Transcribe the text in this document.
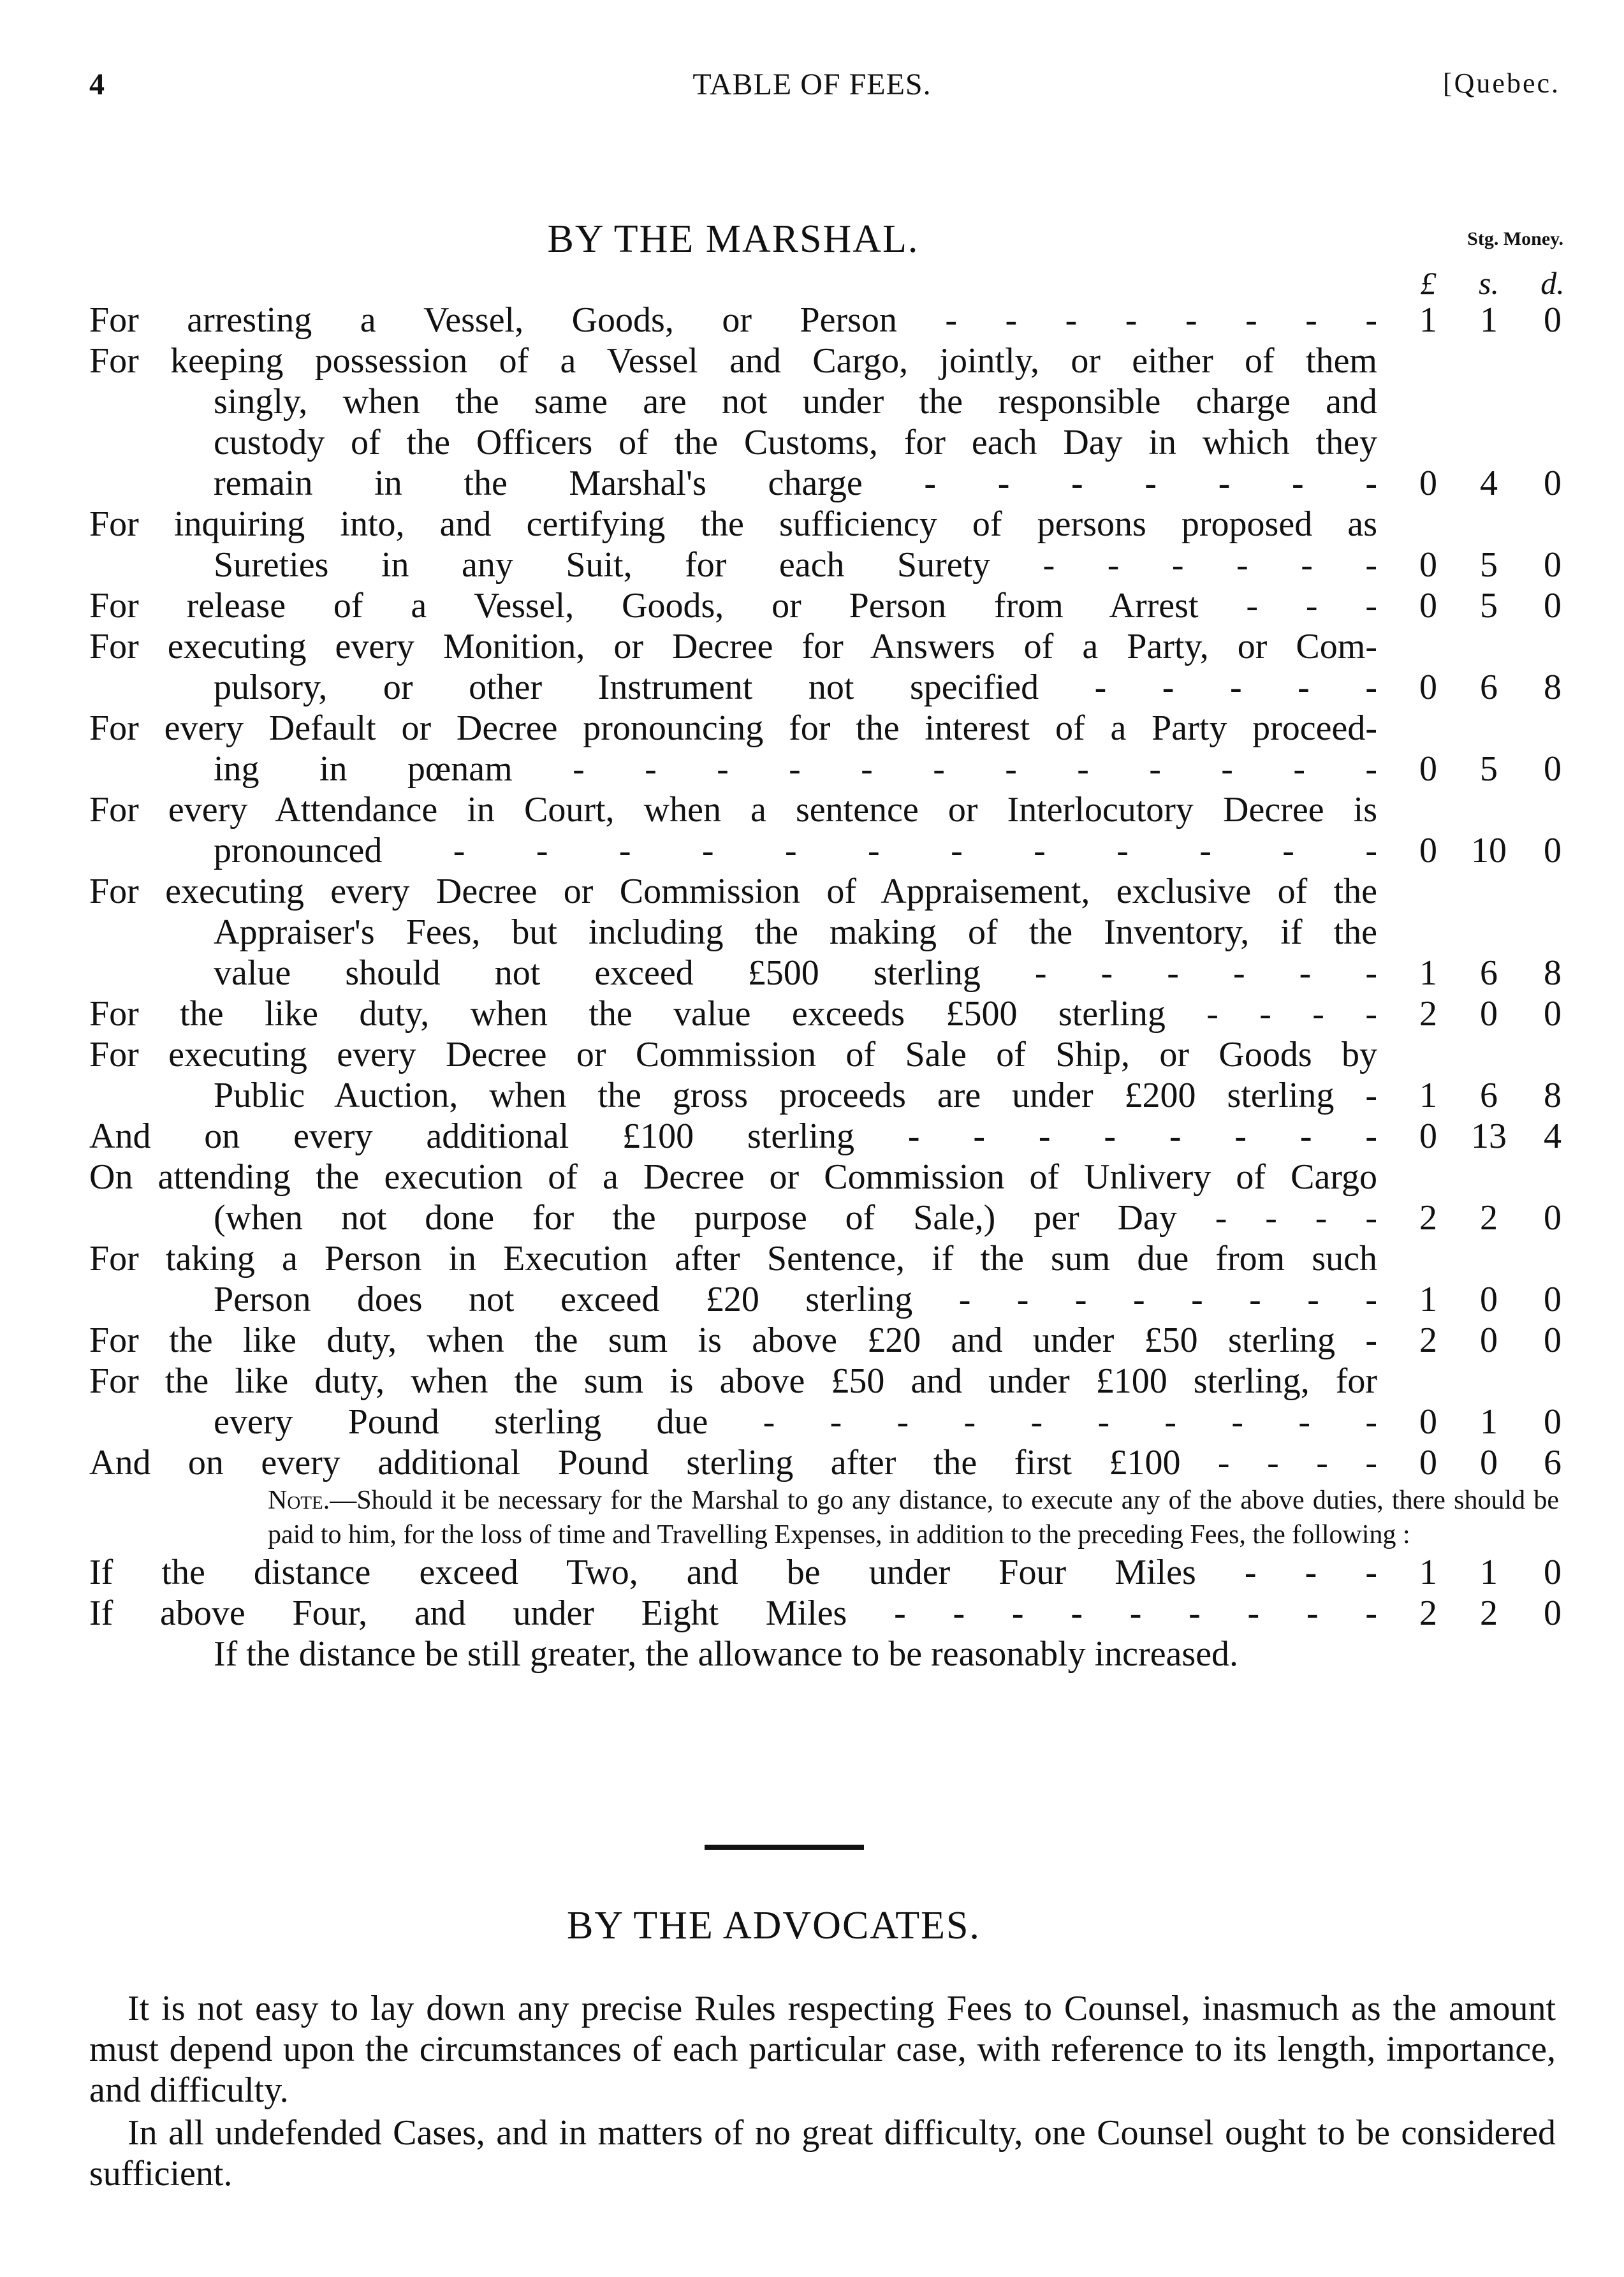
4	TABLE OF FEES.	[Quebec.
BY THE MARSHAL.	Stg. Money.
£	s. d.
For arresting a Vessel, Goods, or Person - - - - - - - - 1 1 0
For keeping possession of a Vessel and Cargo, jointly, or either of them
singly, when the same are not under the responsible charge and
custody of the Officers of the Customs, for each Day in which they
remain in the Marshal's charge - - - - - - - 0 4 0
For inquiring into, and certifying the sufficiency of persons proposed as
Sureties in any Suit, for each Surety - - - - - - 0 5 0
For release of a Vessel, Goods, or Person from Arrest - - - 0 5 0
For executing every Monition, or Decree for Answers of a Party, or Com-
pulsory, or other Instrument not specified - - - - - 0 6 8
For every Default or Decree pronouncing for the interest of a Party proceed-
ing in pœnam - - - - - - - - - - - - 0 5 0
For every Attendance in Court, when a sentence or Interlocutory Decree is
pronounced - - - - - - - - - - - - 0 10 0
For executing every Decree or Commission of Appraisement, exclusive of the
Appraiser's Fees, but including the making of the Inventory, if the
value should not exceed £500 sterling - - - - - - 1 6 8
For the like duty, when the value exceeds £500 sterling - - - - 2 0 0
For executing every Decree or Commission of Sale of Ship, or Goods by
Public Auction, when the gross proceeds are under £200 sterling - 1 6 8
And on every additional £100 sterling - - - - - - - - 0 13 4
On attending the execution of a Decree or Commission of Unlivery of Cargo
(when not done for the purpose of Sale,) per Day - - - - 2 2 0
For taking a Person in Execution after Sentence, if the sum due from such
Person does not exceed £20 sterling - - - - - - - - 1 0 0
For the like duty, when the sum is above £20 and under £50 sterling - 2 0 0
For the like duty, when the sum is above £50 and under £100 sterling, for
every Pound sterling due - - - - - - - - - - 0 1 0
And on every additional Pound sterling after the first £100 - - - - 0 0 6
Note.—Should it be necessary for the Marshal to go any distance, to execute any of the above duties, there should be paid to him, for the loss of time and Travelling Expenses, in addition to the preceding Fees, the following :
If the distance exceed Two, and be under Four Miles - - - 1 1 0
If above Four, and under Eight Miles - - - - - - - - - 2 2 0
If the distance be still greater, the allowance to be reasonably increased.
BY THE ADVOCATES.
It is not easy to lay down any precise Rules respecting Fees to Counsel, inasmuch as the amount must depend upon the circumstances of each particular case, with reference to its length, importance, and difficulty.
In all undefended Cases, and in matters of no great difficulty, one Counsel ought to be considered sufficient.
